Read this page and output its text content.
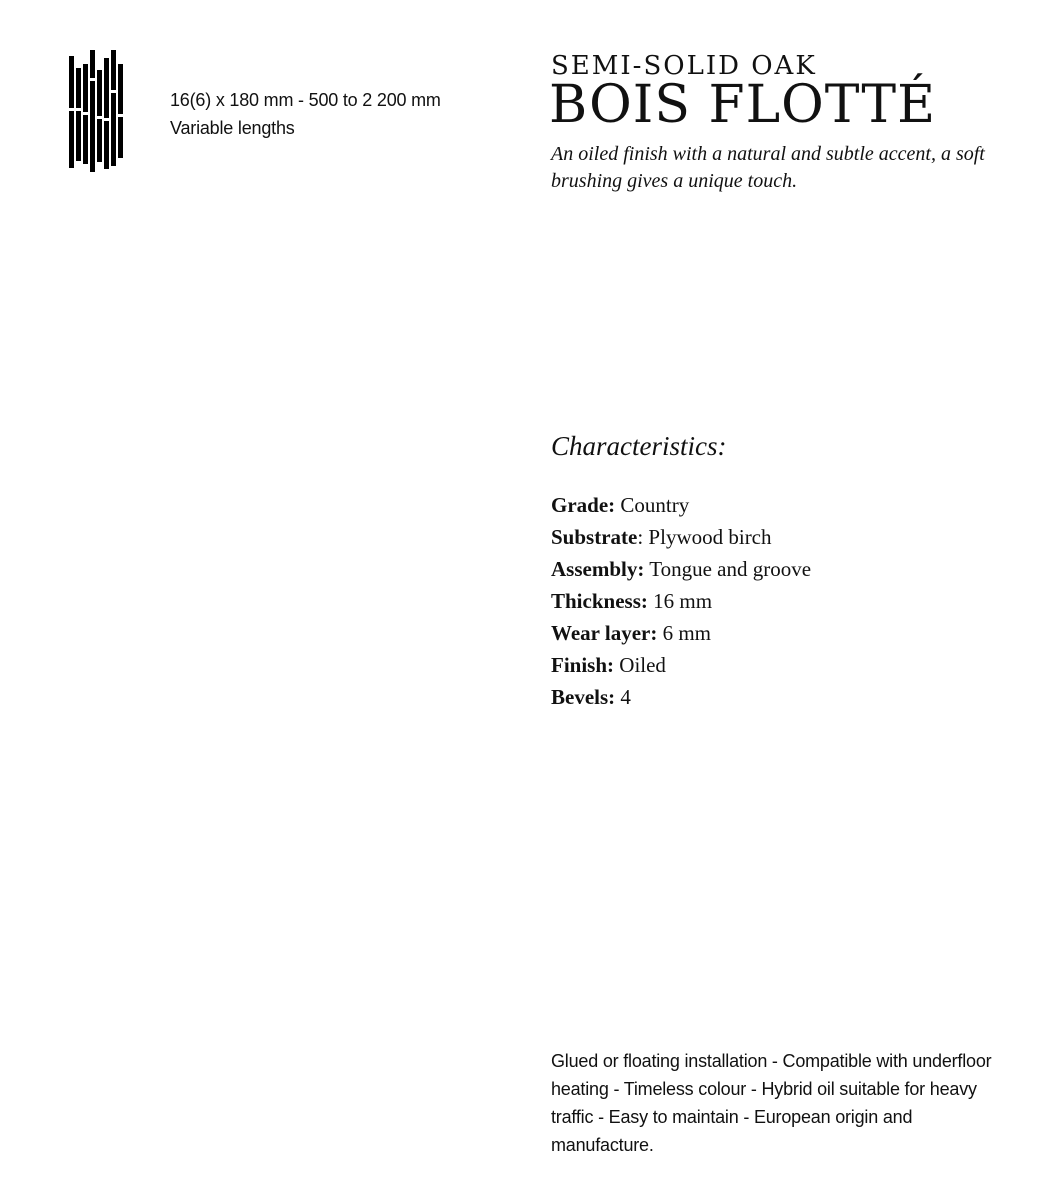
16(6) x 180 mm - 500 to 2 200 mm
Variable lengths
SEMI-SOLID OAK
BOIS FLOTTÉ
An oiled finish with a natural and subtle accent, a soft brushing gives a unique touch.
Characteristics:
Grade: Country
Substrate: Plywood birch
Assembly: Tongue and groove
Thickness: 16 mm
Wear layer: 6 mm
Finish: Oiled
Bevels: 4
Glued or floating installation - Compatible with underfloor heating - Timeless colour - Hybrid oil suitable for heavy traffic - Easy to maintain - European origin and manufacture.
